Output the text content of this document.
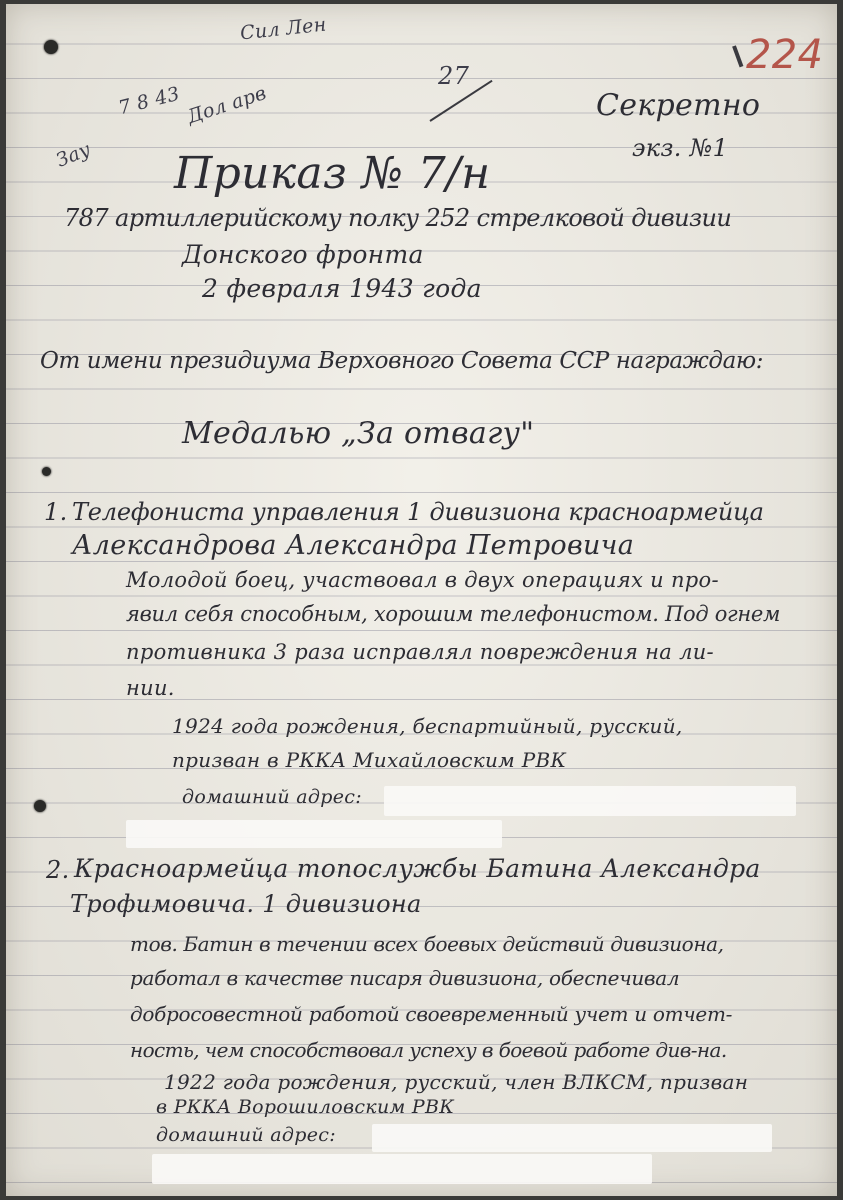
Сил Лен
7 8 43 Дол арв
Зау
27	224
Секретно
экз. №1
Приказ № 7/н
787 артиллерийскому полку 252 стрелковой дивизии
Донского фронта
2 февраля 1943 года
От имени президиума Верховного Совета ССР награждаю:
Медалью „За отвагу"
1. Телефониста управления 1 дивизиона красноармейца
Александрова Александра Петровича
Молодой боец, участвовал в двух операциях и про-
явил себя способным, хорошим телефонистом. Под огнем
противника 3 раза исправлял повреждения на ли-
нии.
1924 года рождения, беспартийный, русский,
призван в РККА Михайловским РВК
домашний адрес:
2. Красноармейца топослужбы Батина Александра
Трофимовича. 1 дивизиона
тов. Батин в течении всех боевых действий дивизиона,
работал в качестве писаря дивизиона, обеспечивал
добросовестной работой своевременный учет и отчет-
ность, чем способствовал успеху в боевой работе див-на.
1922 года рождения, русский, член ВЛКСМ, призван
в РККА Ворошиловским РВК
домашний адрес:
